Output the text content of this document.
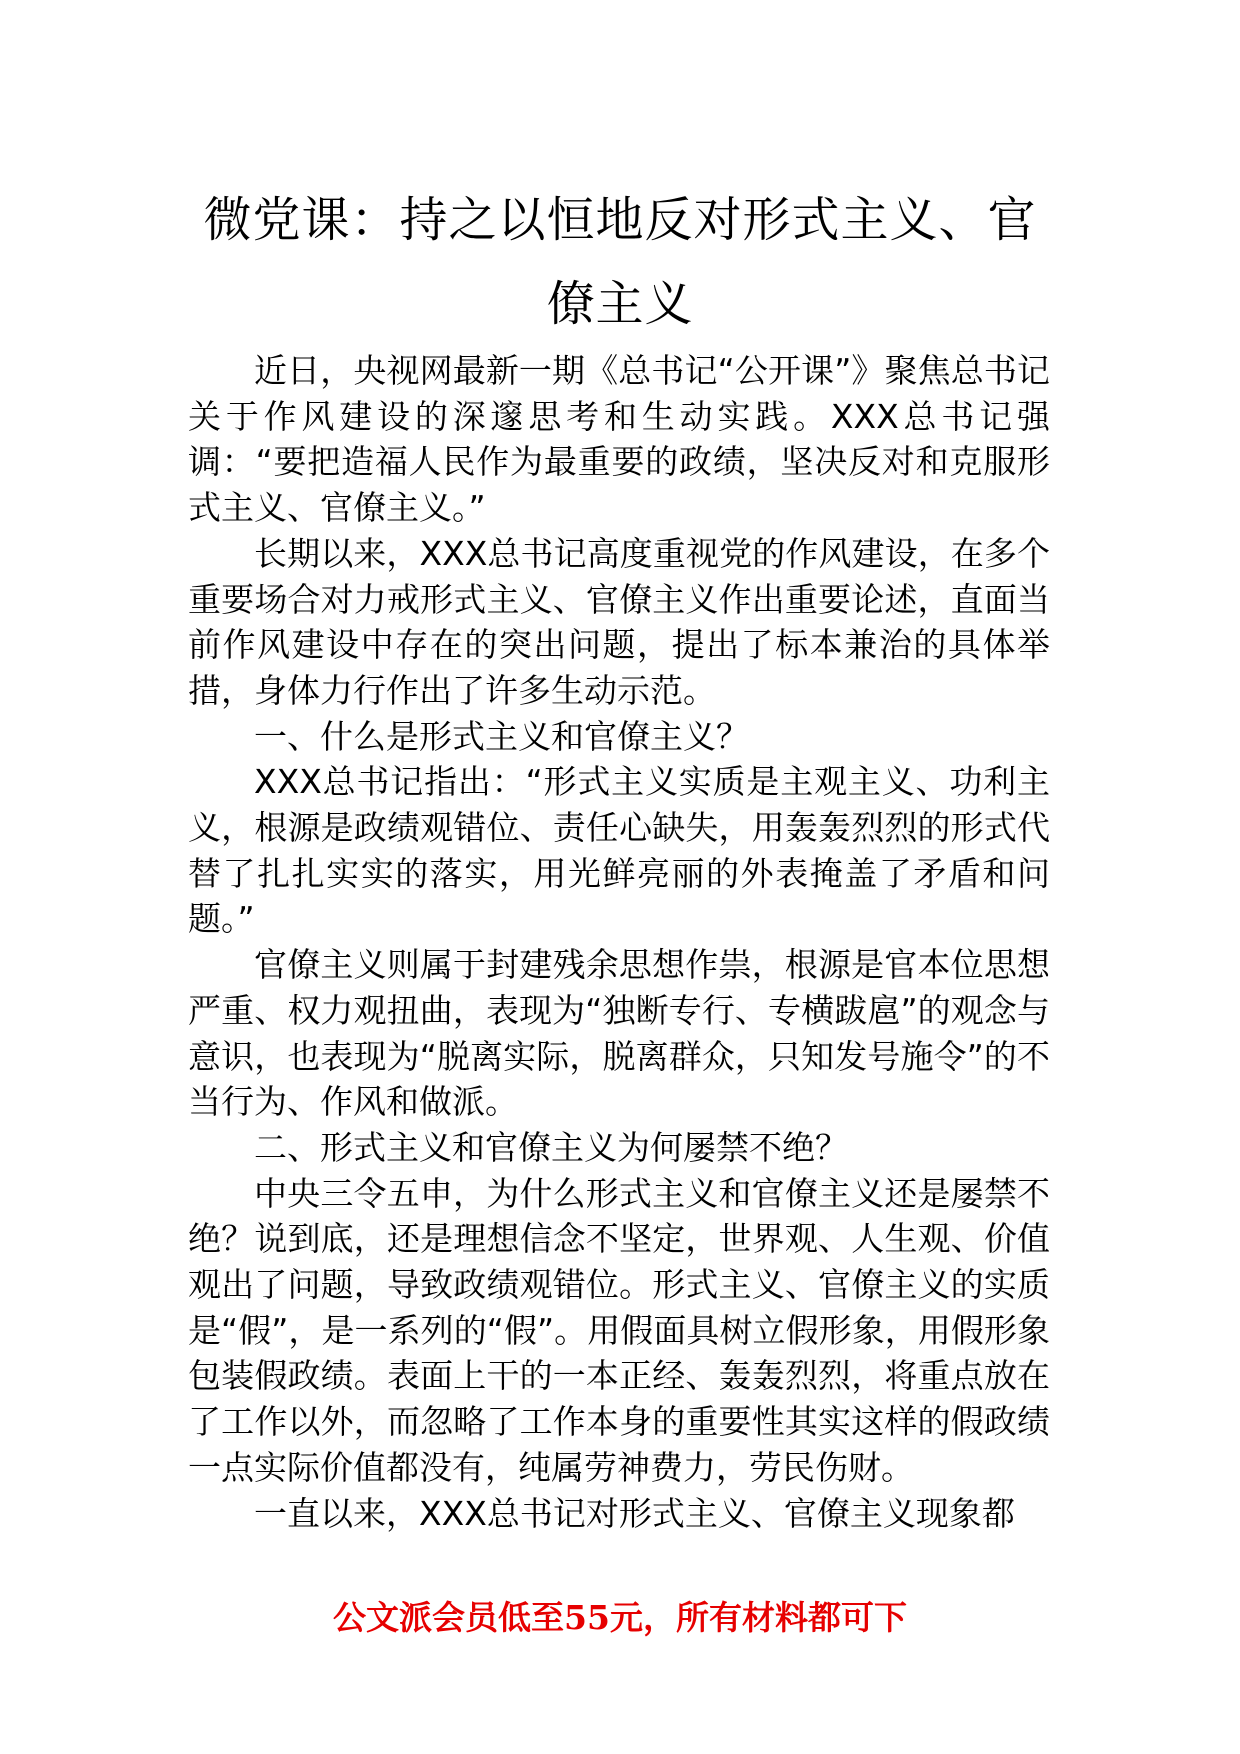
微党课：持之以恒地反对形式主义、官僚主义

近日，央视网最新一期《总书记“公开课”》聚焦总书记关于作风建设的深邃思考和生动实践。XXX总书记强调：“要把造福人民作为最重要的政绩，坚决反对和克服形式主义、官僚主义。”

长期以来，XXX总书记高度重视党的作风建设，在多个重要场合对力戒形式主义、官僚主义作出重要论述，直面当前作风建设中存在的突出问题，提出了标本兼治的具体举措，身体力行作出了许多生动示范。

一、什么是形式主义和官僚主义？

XXX总书记指出：“形式主义实质是主观主义、功利主义，根源是政绩观错位、责任心缺失，用轰轰烈烈的形式代替了扎扎实实的落实，用光鲜亮丽的外表掩盖了矛盾和问题。”

官僚主义则属于封建残余思想作祟，根源是官本位思想严重、权力观扭曲，表现为“独断专行、专横跋扈”的观念与意识，也表现为“脱离实际，脱离群众，只知发号施令”的不当行为、作风和做派。

二、形式主义和官僚主义为何屡禁不绝？

中央三令五申，为什么形式主义和官僚主义还是屡禁不绝？说到底，还是理想信念不坚定，世界观、人生观、价值观出了问题，导致政绩观错位。形式主义、官僚主义的实质是“假”，是一系列的“假”。用假面具树立假形象，用假形象包装假政绩。表面上干的一本正经、轰轰烈烈，将重点放在了工作以外，而忽略了工作本身的重要性其实这样的假政绩一点实际价值都没有，纯属劳神费力，劳民伤财。

一直以来，XXX总书记对形式主义、官僚主义现象都

公文派会员低至55元，所有材料都可下
